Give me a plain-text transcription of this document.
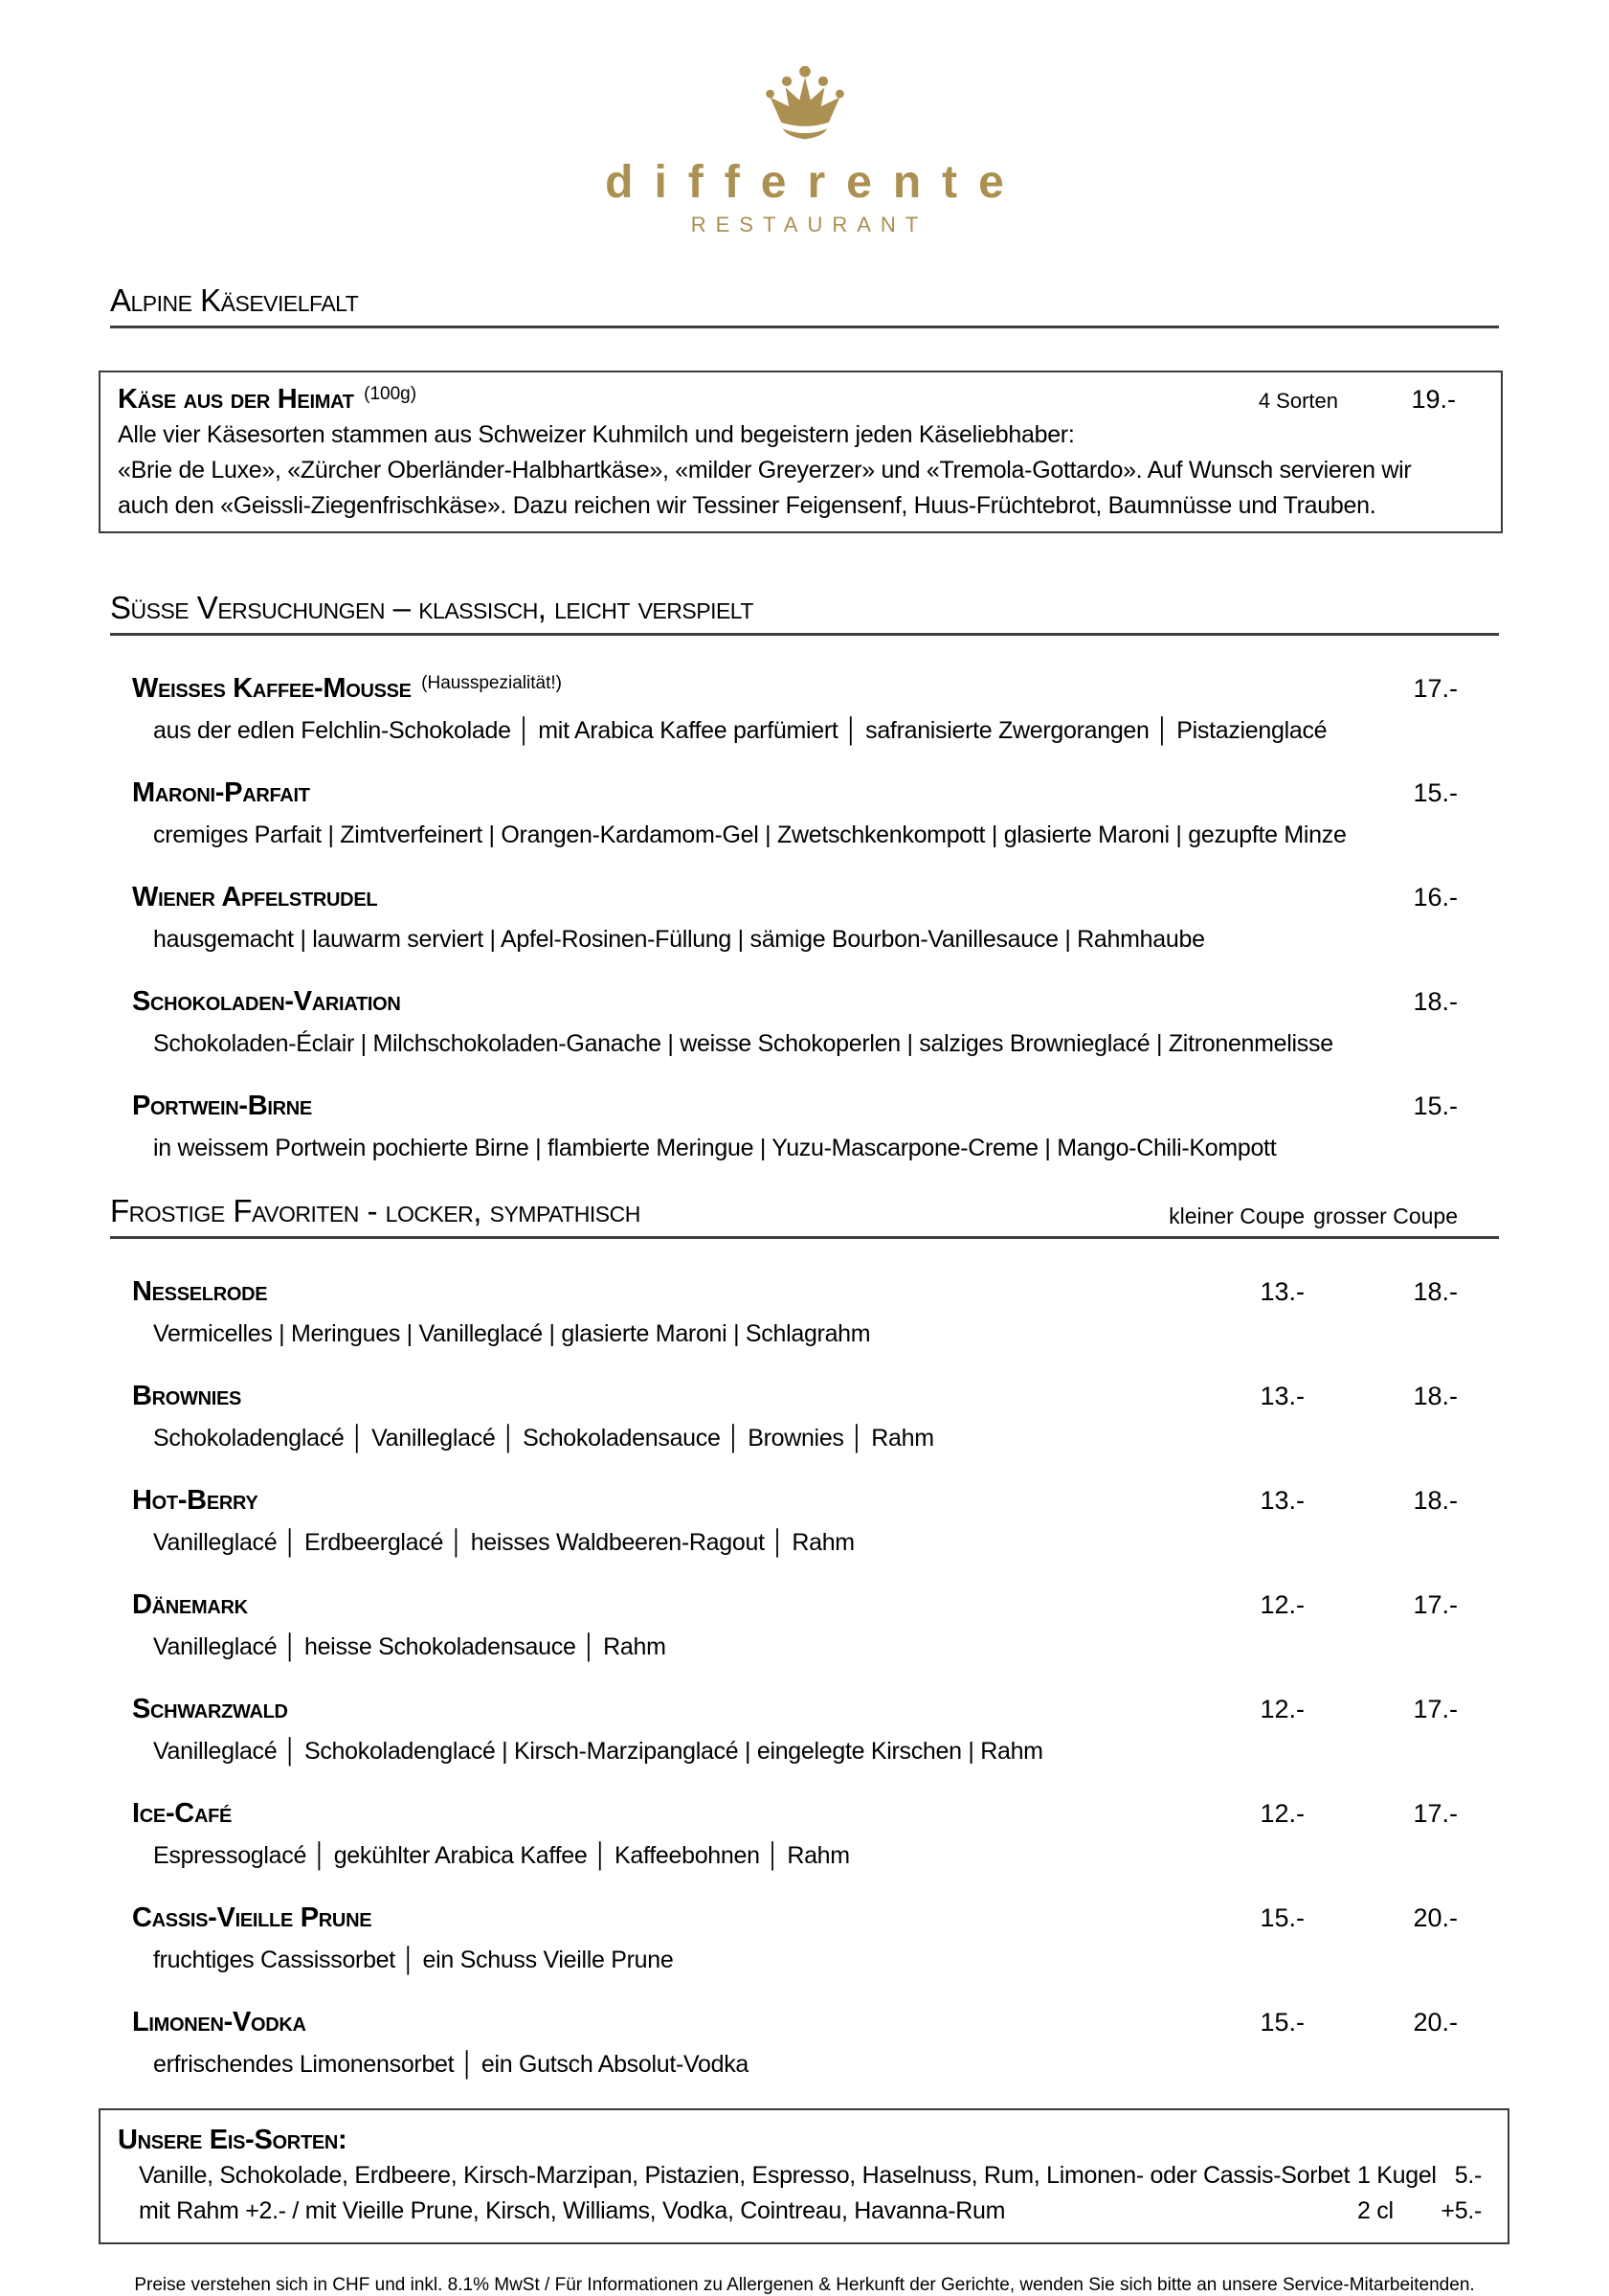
differente
RESTAURANT
Alpine Käsevielfalt
Käse aus der Heimat (100g)	4 Sorten	19.-
Alle vier Käsesorten stammen aus Schweizer Kuhmilch und begeistern jeden Käseliebhaber:
«Brie de Luxe», «Zürcher Oberländer-Halbhartkäse», «milder Greyerzer» und «Tremola-Gottardo». Auf Wunsch servieren wir
auch den «Geissli-Ziegenfrischkäse». Dazu reichen wir Tessiner Feigensenf, Huus-Früchtebrot, Baumnüsse und Trauben.
Süsse Versuchungen – klassisch, leicht verspielt
Weisses Kaffee-Mousse (Hausspezialität!)	17.-
aus der edlen Felchlin-Schokolade │ mit Arabica Kaffee parfümiert │ safranisierte Zwergorangen │ Pistazienglacé
Maroni-Parfait	15.-
cremiges Parfait | Zimtverfeinert | Orangen-Kardamom-Gel | Zwetschkenkompott | glasierte Maroni | gezupfte Minze
Wiener Apfelstrudel	16.-
hausgemacht | lauwarm serviert | Apfel-Rosinen-Füllung | sämige Bourbon-Vanillesauce | Rahmhaube
Schokoladen-Variation	18.-
Schokoladen-Éclair | Milchschokoladen-Ganache | weisse Schokoperlen | salziges Brownieglacé | Zitronenmelisse
Portwein-Birne	15.-
in weissem Portwein pochierte Birne | flambierte Meringue | Yuzu-Mascarpone-Creme | Mango-Chili-Kompott
Frostige Favoriten - locker, sympathisch	kleiner Coupe grosser Coupe
Nesselrode	13.-	18.-
Vermicelles | Meringues | Vanilleglacé | glasierte Maroni | Schlagrahm
Brownies	13.-	18.-
Schokoladenglacé │ Vanilleglacé │ Schokoladensauce │ Brownies │ Rahm
Hot-Berry	13.-	18.-
Vanilleglacé │ Erdbeerglacé │ heisses Waldbeeren-Ragout │ Rahm
Dänemark	12.-	17.-
Vanilleglacé │ heisse Schokoladensauce │ Rahm
Schwarzwald	12.-	17.-
Vanilleglacé │ Schokoladenglacé | Kirsch-Marzipanglacé | eingelegte Kirschen | Rahm
Ice-Café	12.-	17.-
Espressoglacé │ gekühlter Arabica Kaffee │ Kaffeebohnen │ Rahm
Cassis-Vieille Prune	15.-	20.-
fruchtiges Cassissorbet │ ein Schuss Vieille Prune
Limonen-Vodka	15.-	20.-
erfrischendes Limonensorbet │ ein Gutsch Absolut-Vodka
Unsere Eis-Sorten:
Vanille, Schokolade, Erdbeere, Kirsch-Marzipan, Pistazien, Espresso, Haselnuss, Rum, Limonen- oder Cassis-Sorbet 1 Kugel 5.-
mit Rahm +2.- / mit Vieille Prune, Kirsch, Williams, Vodka, Cointreau, Havanna-Rum	2 cl +5.-
Preise verstehen sich in CHF und inkl. 8.1% MwSt / Für Informationen zu Allergenen & Herkunft der Gerichte, wenden Sie sich bitte an unsere Service-Mitarbeitenden.
